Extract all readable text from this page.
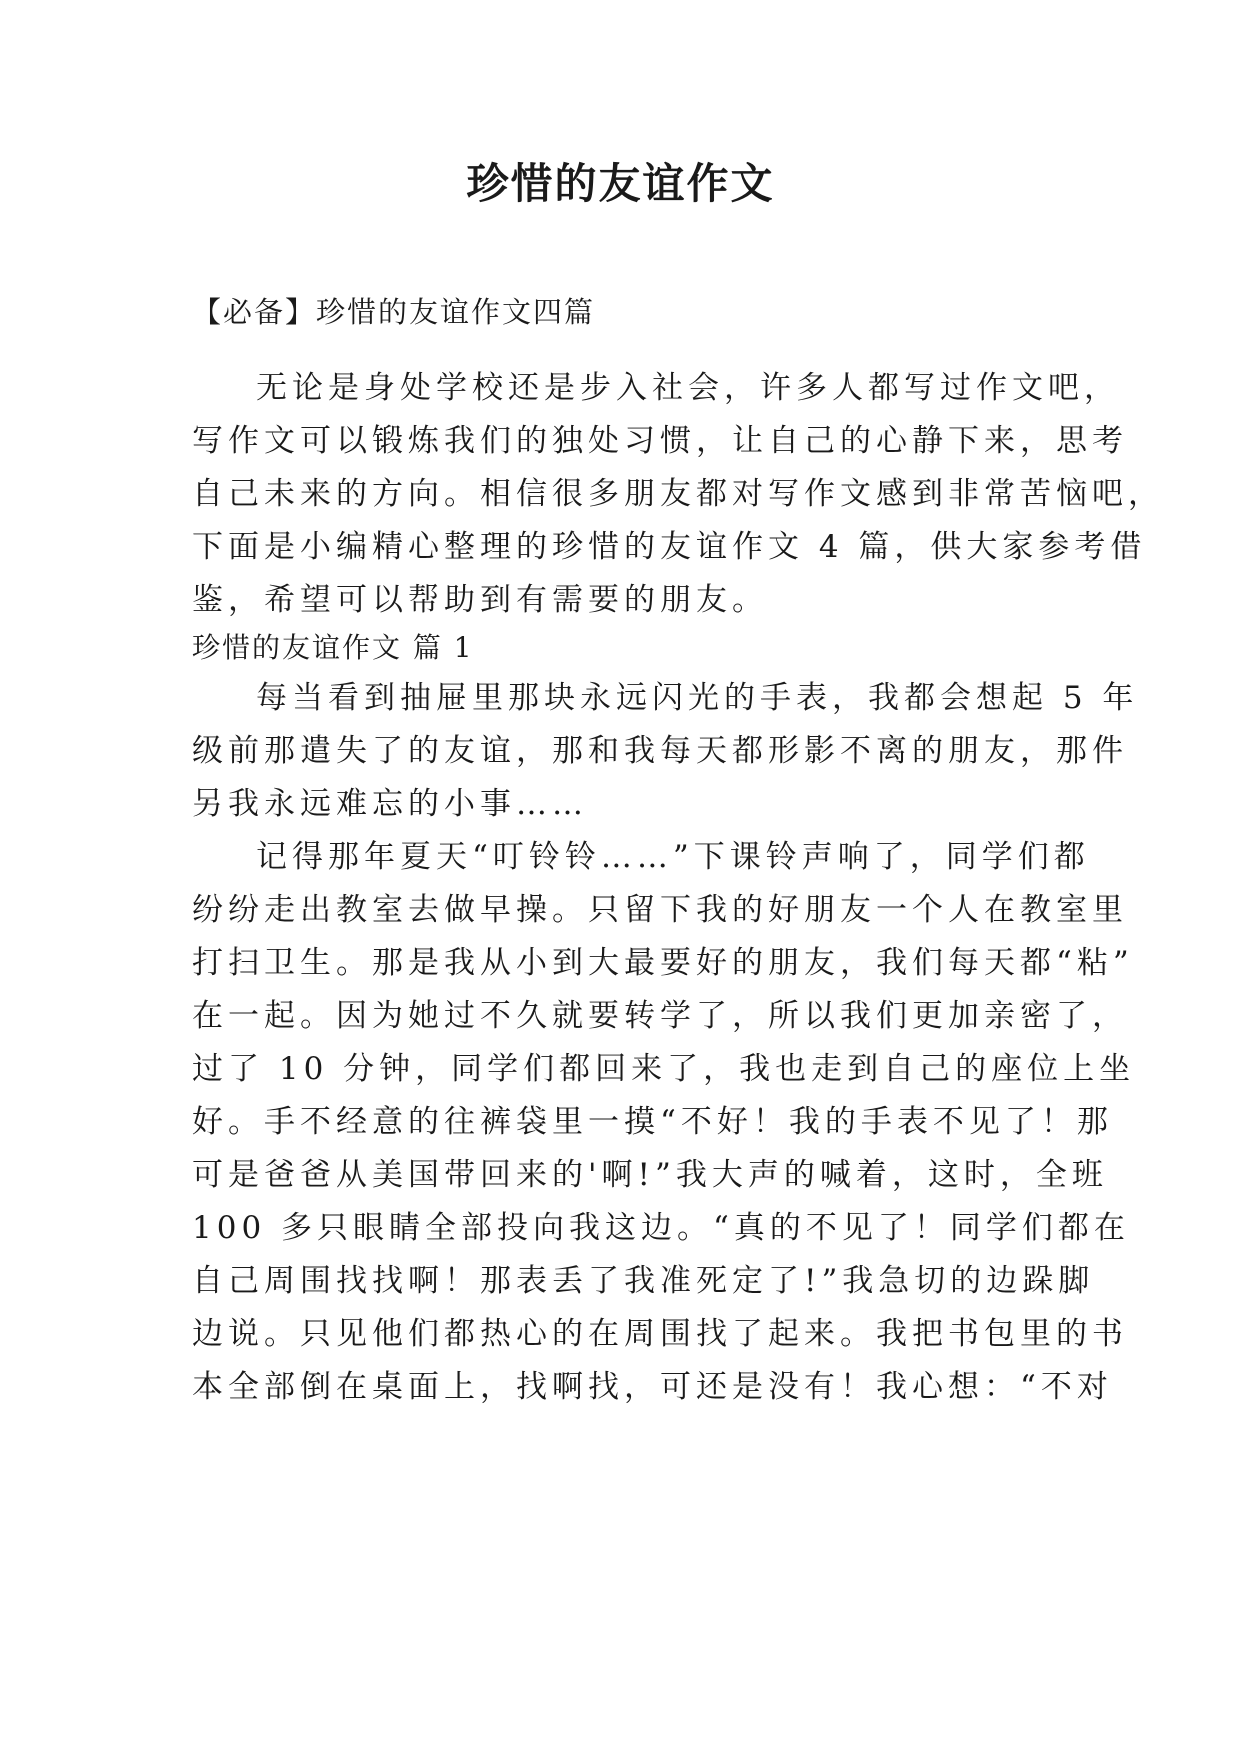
珍惜的友谊作文
【必备】珍惜的友谊作文四篇
无论是身处学校还是步入社会，许多人都写过作文吧，
写作文可以锻炼我们的独处习惯，让自己的心静下来，思考
自己未来的方向。相信很多朋友都对写作文感到非常苦恼吧，
下面是小编精心整理的珍惜的友谊作文 4 篇，供大家参考借
鉴，希望可以帮助到有需要的朋友。
珍惜的友谊作文 篇 1
每当看到抽屉里那块永远闪光的手表，我都会想起 5 年
级前那遣失了的友谊，那和我每天都形影不离的朋友，那件
另我永远难忘的小事……
记得那年夏天“叮铃铃……”下课铃声响了，同学们都
纷纷走出教室去做早操。只留下我的好朋友一个人在教室里
打扫卫生。那是我从小到大最要好的朋友，我们每天都“粘”
在一起。因为她过不久就要转学了，所以我们更加亲密了，
过了 10 分钟，同学们都回来了，我也走到自己的座位上坐
好。手不经意的往裤袋里一摸“不好！我的手表不见了！那
可是爸爸从美国带回来的'啊!”我大声的喊着，这时，全班
100 多只眼睛全部投向我这边。“真的不见了！同学们都在
自己周围找找啊！那表丢了我准死定了!”我急切的边跺脚
边说。只见他们都热心的在周围找了起来。我把书包里的书
本全部倒在桌面上，找啊找，可还是没有！我心想：“不对
